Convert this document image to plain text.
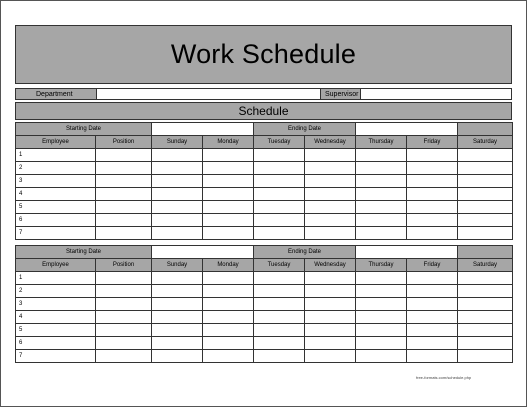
Work Schedule
Department	Supervisor
Schedule
Starting Date				Ending Date				
Employee	Position	Sunday	Monday	Tuesday	Wednesday	Thursday	Friday	Saturday
1								
2								
3								
4								
5								
6								
7								
Starting Date				Ending Date				
Employee	Position	Sunday	Monday	Tuesday	Wednesday	Thursday	Friday	Saturday
1								
2								
3								
4								
5								
6								
7								
free-formats.com/schedule.php
